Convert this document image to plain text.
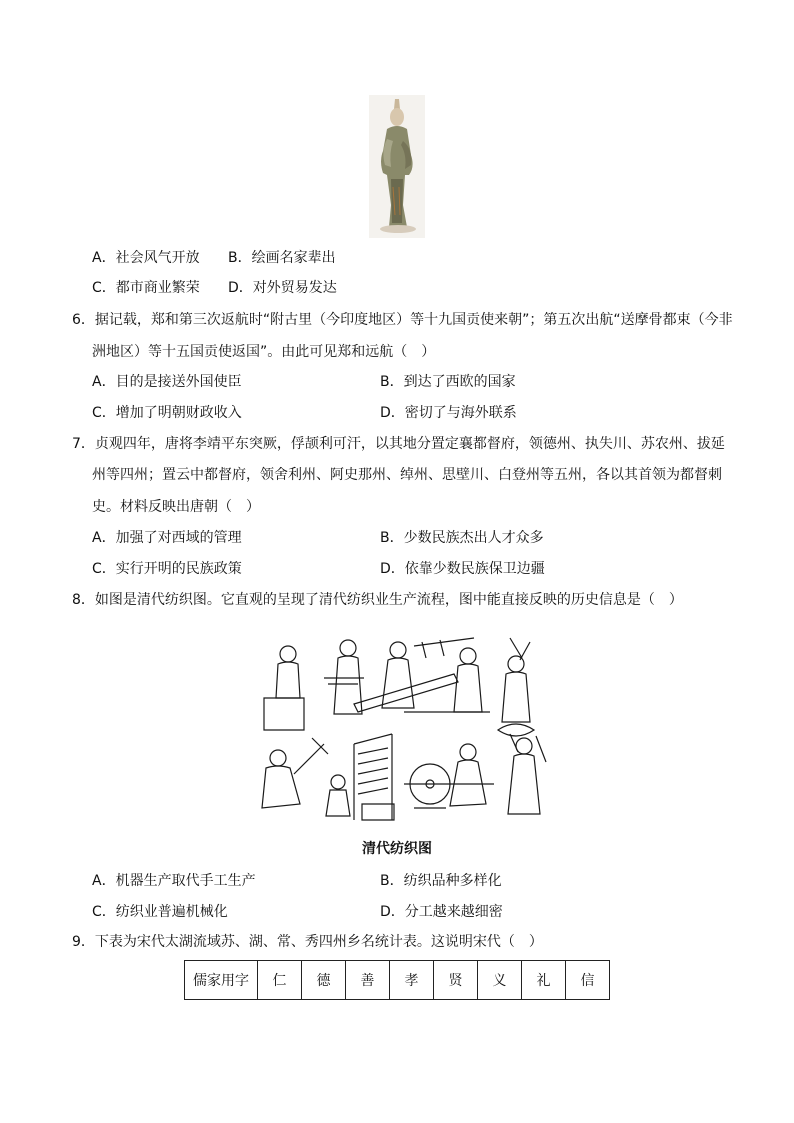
A．社会风气开放 B．绘画名家辈出
C．都市商业繁荣 D．对外贸易发达
6．据记载，郑和第三次返航时“附古里（今印度地区）等十九国贡使来朝”；第五次出航“送摩骨都束（今非
洲地区）等十五国贡使返国”。由此可见郑和远航（　）
A．目的是接送外国使臣	B．到达了西欧的国家
C．增加了明朝财政收入	D．密切了与海外联系
7．贞观四年，唐将李靖平东突厥，俘颉利可汗，以其地分置定襄都督府，领德州、执失川、苏农州、拔延
州等四州；置云中都督府，领舍利州、阿史那州、绰州、思壁川、白登州等五州，各以其首领为都督刺
史。材料反映出唐朝（　）
A．加强了对西域的管理	B．少数民族杰出人才众多
C．实行开明的民族政策	D．依靠少数民族保卫边疆
8．如图是清代纺织图。它直观的呈现了清代纺织业生产流程，图中能直接反映的历史信息是（　）
清代纺织图
A．机器生产取代手工生产	B．纺织品种多样化
C．纺织业普遍机械化	D．分工越来越细密
9．下表为宋代太湖流域苏、湖、常、秀四州乡名统计表。这说明宋代（　）
儒家用字	仁	德	善	孝	贤	义	礼	信
